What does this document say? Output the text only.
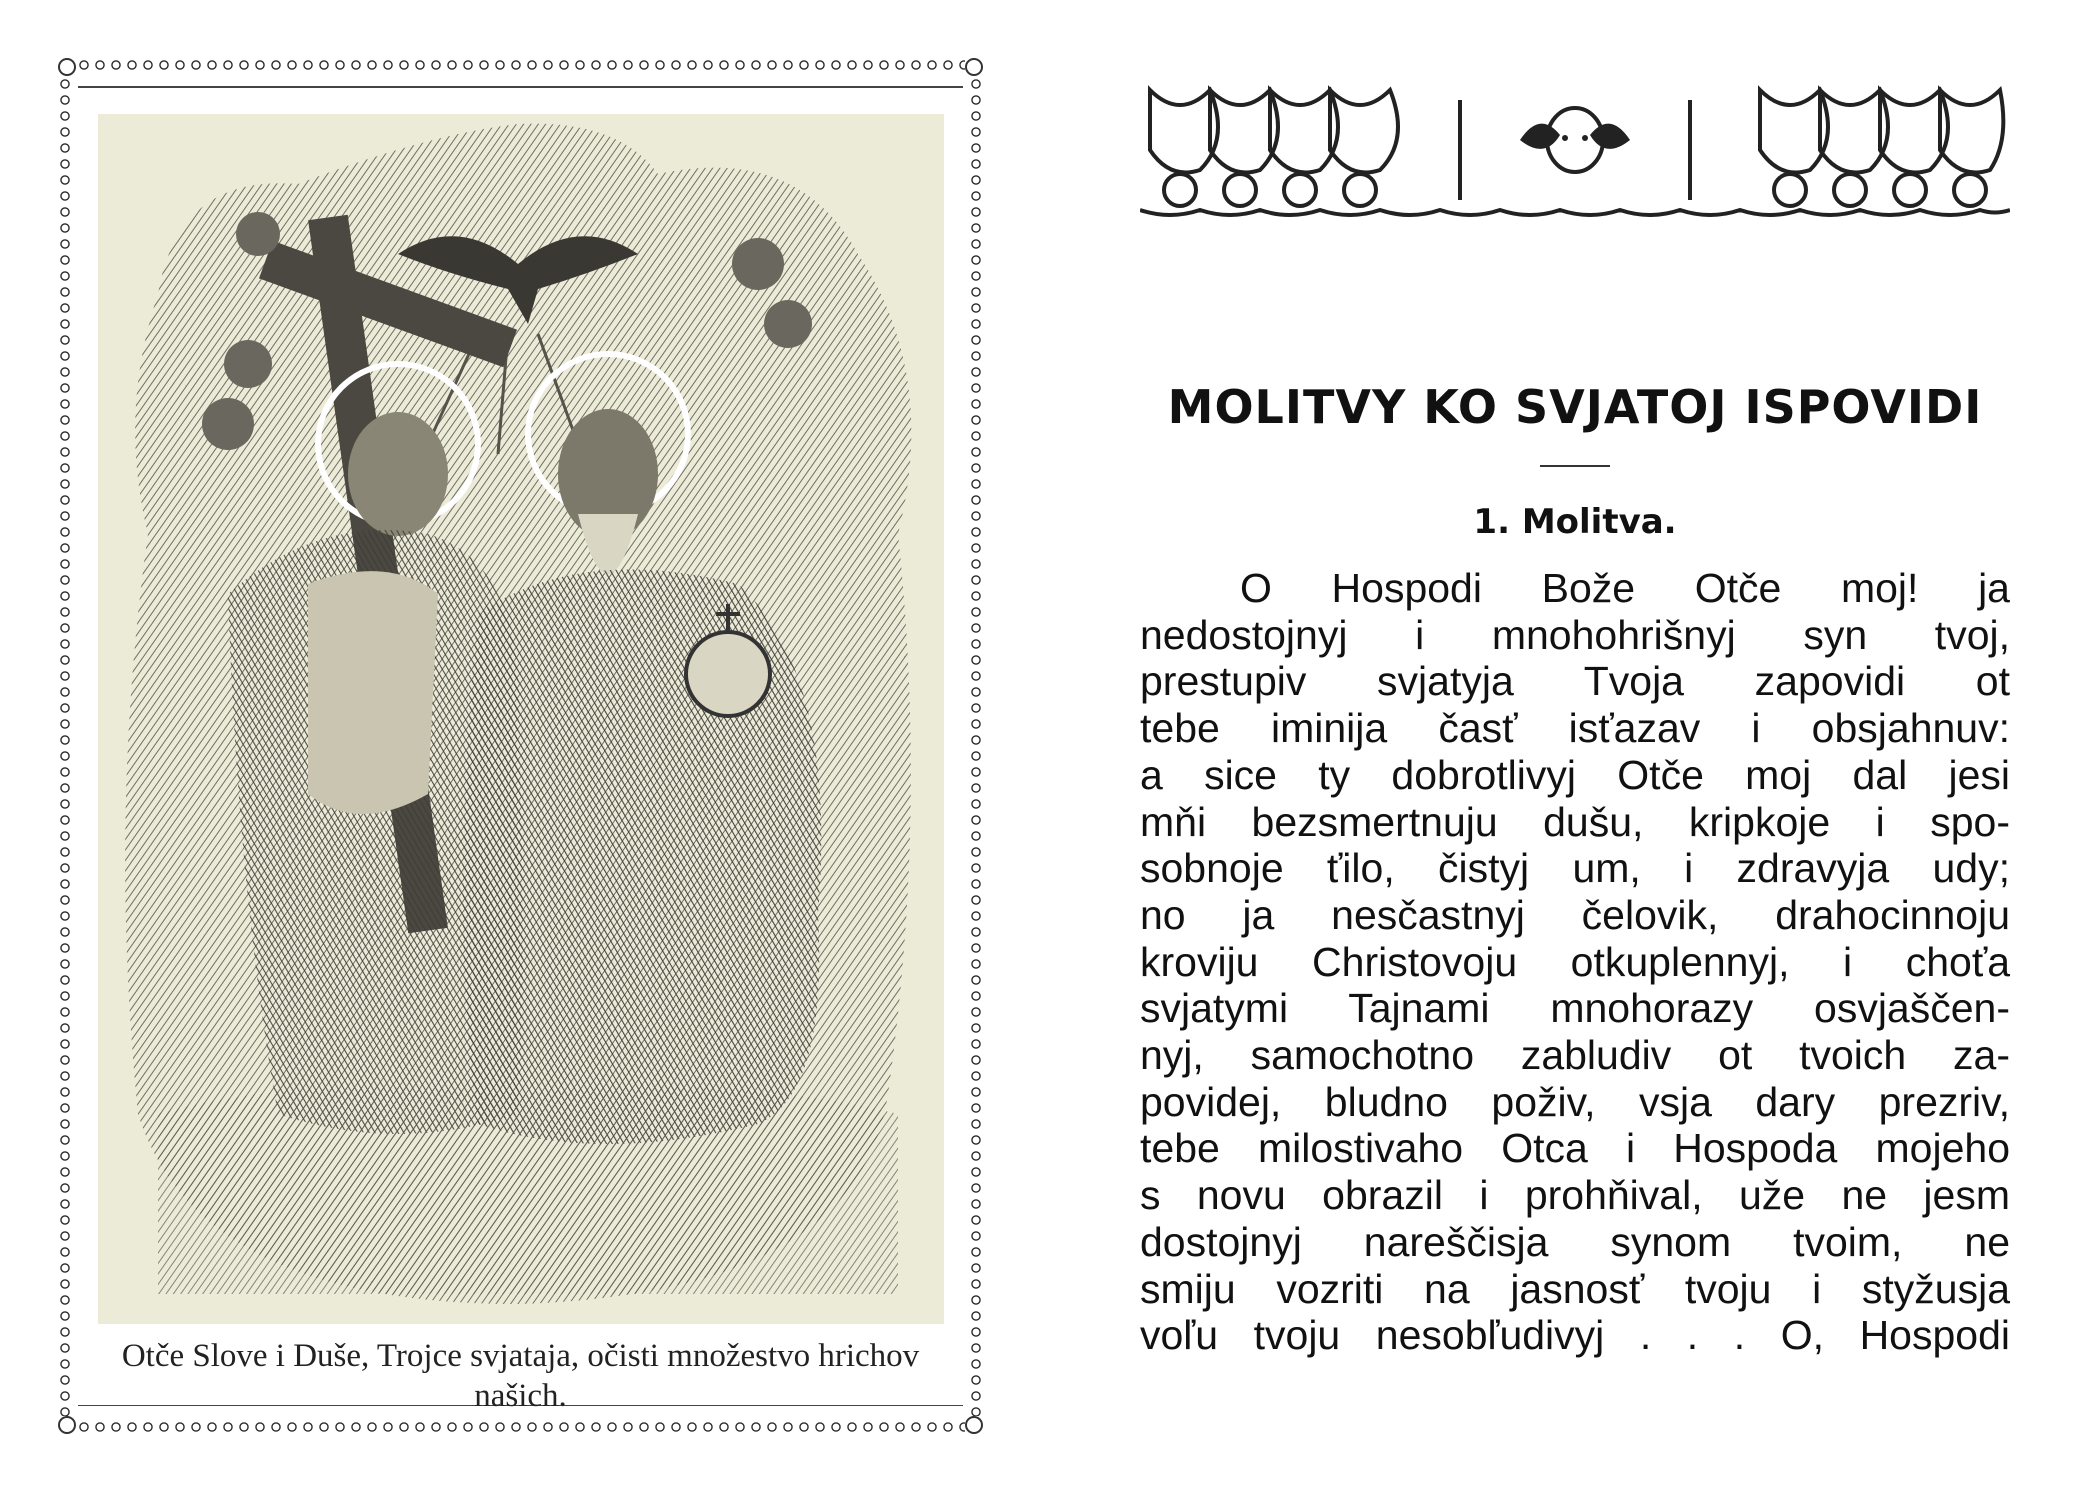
Otče Slove i Duše, Trojce svjataja, očisti množestvo hrichov našich.

MOLITVY KO SVJATOJ ISPOVIDI
1. Molitva.
O Hospodi Bože Otče moj! ja
nedostojnyj i mnohohrišnyj syn tvoj,
prestupiv svjatyja Tvoja zapovidi ot
tebe iminija časť isťazav i obsjahnuv:
a sice ty dobrotlivyj Otče moj dal jesi
mňi bezsmertnuju dušu, kripkoje i spo-
sobnoje ťilo, čistyj um, i zdravyja udy;
no ja nesčastnyj čelovik, drahocinnoju
kroviju Christovoju otkuplennyj, i choťa
svjatymi Tajnami mnohorazy osvjaščen-
nyj, samochotno zabludiv ot tvoich za-
povidej, bludno poživ, vsja dary prezriv,
tebe milostivaho Otca i Hospoda mojeho
s novu obrazil i prohňival, uže ne jesm
dostojnyj nareščisja synom tvoim, ne
smiju vozriti na jasnosť tvoju i styžusja
voľu tvoju nesobľudivyj . . . O, Hospodi
